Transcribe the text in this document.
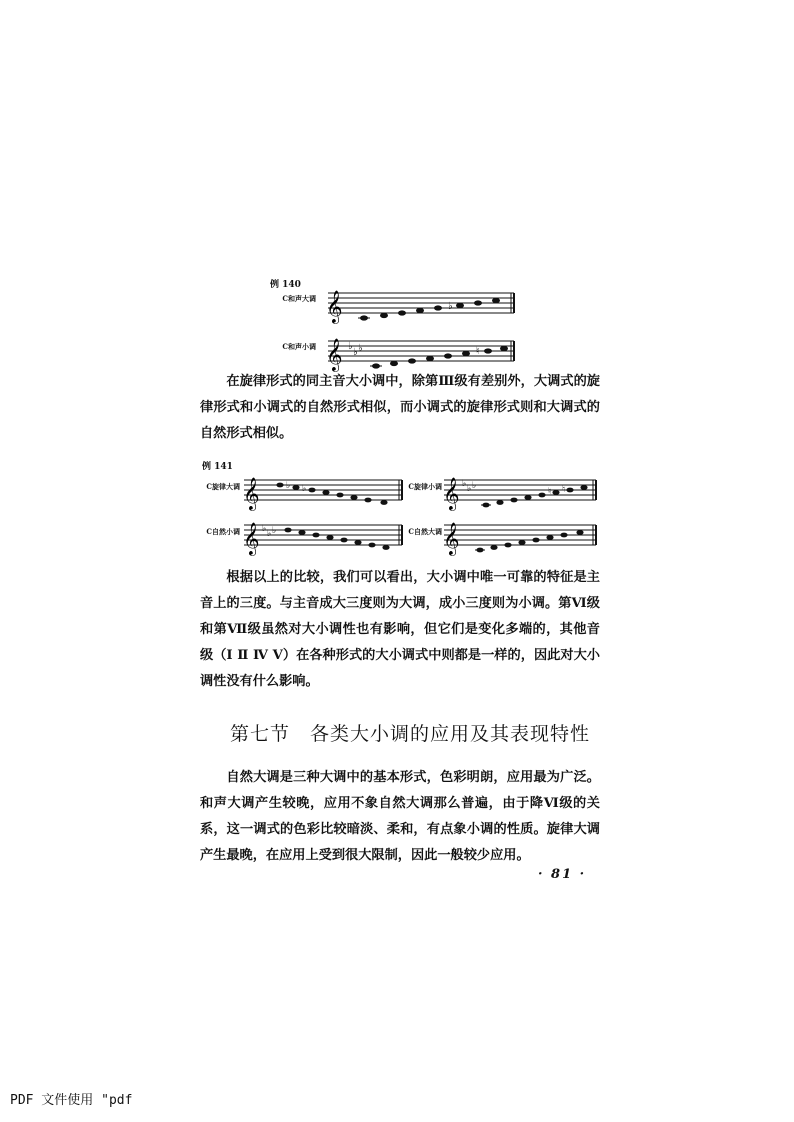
例 140
C和声大调 𝄞	♭
C和声小调 𝄞 ♭
♭ ♭	♮
在旋律形式的同主音大小调中，除第Ⅲ级有差别外，大调式的旋律形式和小调式的自然形式相似，而小调式的旋律形式则和大调式的自然形式相似。
例 141
C旋律大调 𝄞	♭ ♭	C旋律小调 𝄞 ♭ ♭ ♭
♮ ♮
C自然小调 𝄞 ♭ ♭ ♭	C自然大调 𝄞
根据以上的比较，我们可以看出，大小调中唯一可靠的特征是主音上的三度。与主音成大三度则为大调，成小三度则为小调。第Ⅵ级和第Ⅶ级虽然对大小调性也有影响，但它们是变化多端的，其他音级（Ⅰ Ⅱ Ⅳ Ⅴ）在各种形式的大小调式中则都是一样的，因此对大小调性没有什么影响。
第七节 各类大小调的应用及其表现特性
自然大调是三种大调中的基本形式，色彩明朗，应用最为广泛。和声大调产生较晚，应用不象自然大调那么普遍，由于降Ⅵ级的关系，这一调式的色彩比较暗淡、柔和，有点象小调的性质。旋律大调产生最晚，在应用上受到很大限制，因此一般较少应用。
· 81 ·
PDF 文件使用 "pdf
